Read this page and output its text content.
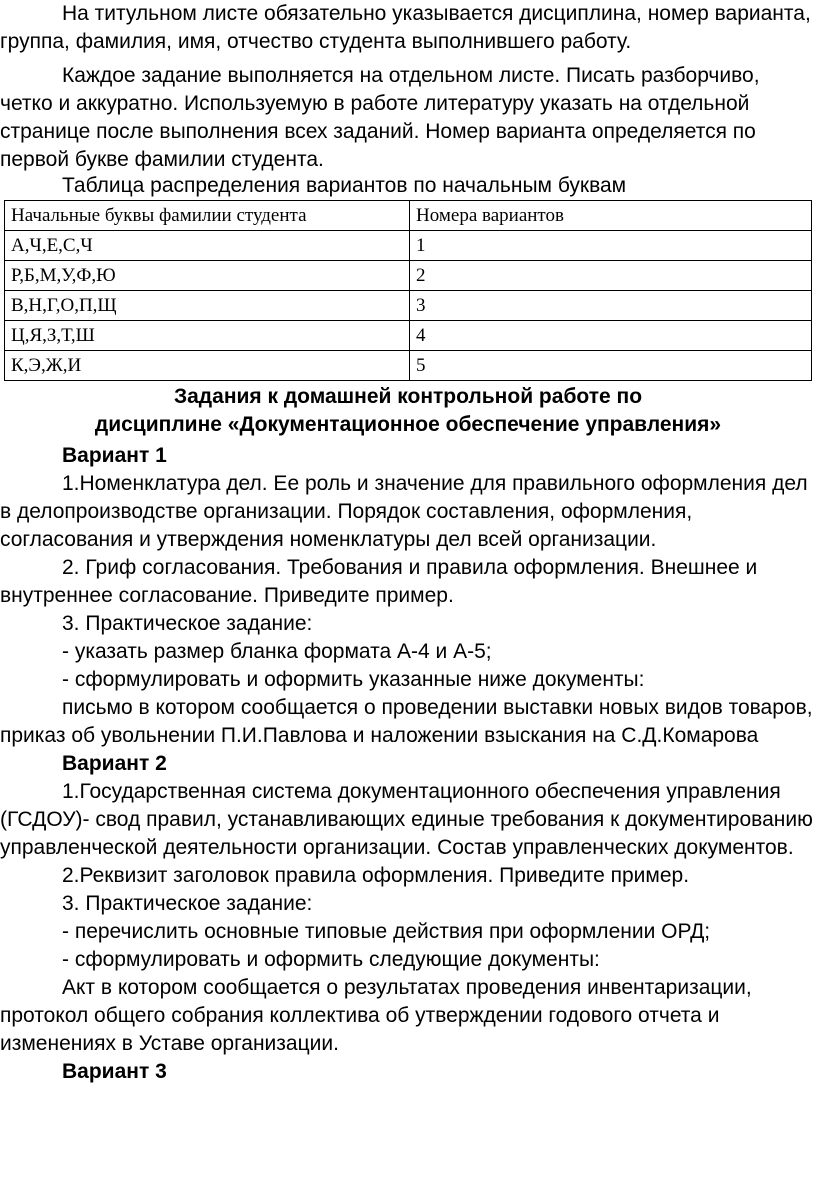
На титульном листе обязательно указывается дисциплина, номер варианта, группа, фамилия, имя, отчество студента выполнившего работу.

Каждое задание выполняется на отдельном листе. Писать разборчиво, четко и аккуратно. Используемую в работе литературу указать на отдельной странице после выполнения всех заданий. Номер варианта определяется по первой букве фамилии студента.

Таблица распределения вариантов по начальным буквам

Начальные буквы фамилии студента	Номера вариантов
А,Ч,Е,С,Ч	1
Р,Б,М,У,Ф,Ю	2
В,Н,Г,О,П,Щ	3
Ц,Я,З,Т,Ш	4
К,Э,Ж,И	5

Задания к домашней контрольной работе по

дисциплине «Документационное обеспечение управления»

Вариант 1

1.Номенклатура дел. Ее роль и значение для правильного оформления дел в делопроизводстве организации. Порядок составления, оформления, согласования и утверждения номенклатуры дел всей организации.

2. Гриф согласования. Требования и правила оформления. Внешнее и внутреннее согласование. Приведите пример.

3. Практическое задание:

- указать размер бланка формата А-4 и А-5;

- сформулировать и оформить указанные ниже документы:

письмо в котором сообщается о проведении выставки новых видов товаров, приказ об увольнении П.И.Павлова и наложении взыскания на С.Д.Комарова

Вариант 2

1.Государственная система документационного обеспечения управления (ГСДОУ)- свод правил, устанавливающих единые требования к документированию управленческой деятельности организации. Состав управленческих документов.

2.Реквизит заголовок правила оформления. Приведите пример.

3. Практическое задание:

- перечислить основные типовые действия при оформлении ОРД;

- сформулировать и оформить следующие документы:

Акт в котором сообщается о результатах проведения инвентаризации, протокол общего собрания коллектива об утверждении годового отчета и изменениях в Уставе организации.

Вариант 3
